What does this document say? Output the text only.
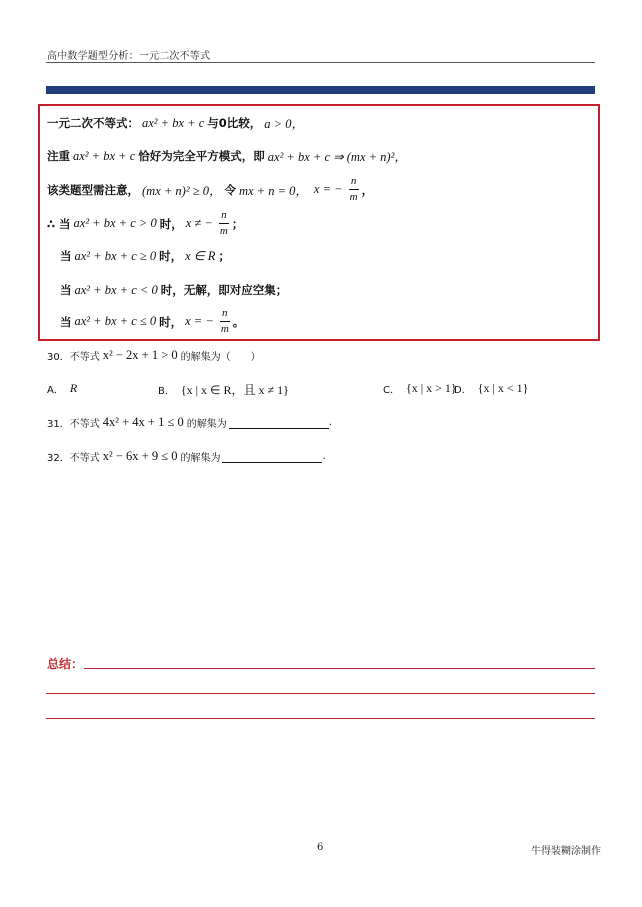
高中数学题型分析：一元二次不等式
一元二次不等式： ax² + bx + c 与0比较， a > 0，
注重 ax² + bx + c 恰好为完全平方模式，即 ax² + bx + c ⇒ (mx + n)²，
该类题型需注意， (mx + n)² ≥ 0， 令 mx + n = 0， x = − $\frac{n}{m}$ ，
∴ 当 ax² + bx + c > 0 时， x ≠ − $\frac{n}{m}$ ；
当 ax² + bx + c ≥ 0 时， x ∈ R ；
当 ax² + bx + c < 0 时，无解，即对应空集；
当 ax² + bx + c ≤ 0 时， x = − $\frac{n}{m}$ 。
30．不等式 x² − 2x + 1 > 0 的解集为（　　）
A． R	B． {x | x ∈ R，且 x ≠ 1}	C． {x | x > 1}
D． {x | x < 1}
31．不等式 4x² + 4x + 1 ≤ 0 的解集为	.
32．不等式 x² − 6x + 9 ≤ 0 的解集为	.
总结：
6	牛得装糊涂制作
